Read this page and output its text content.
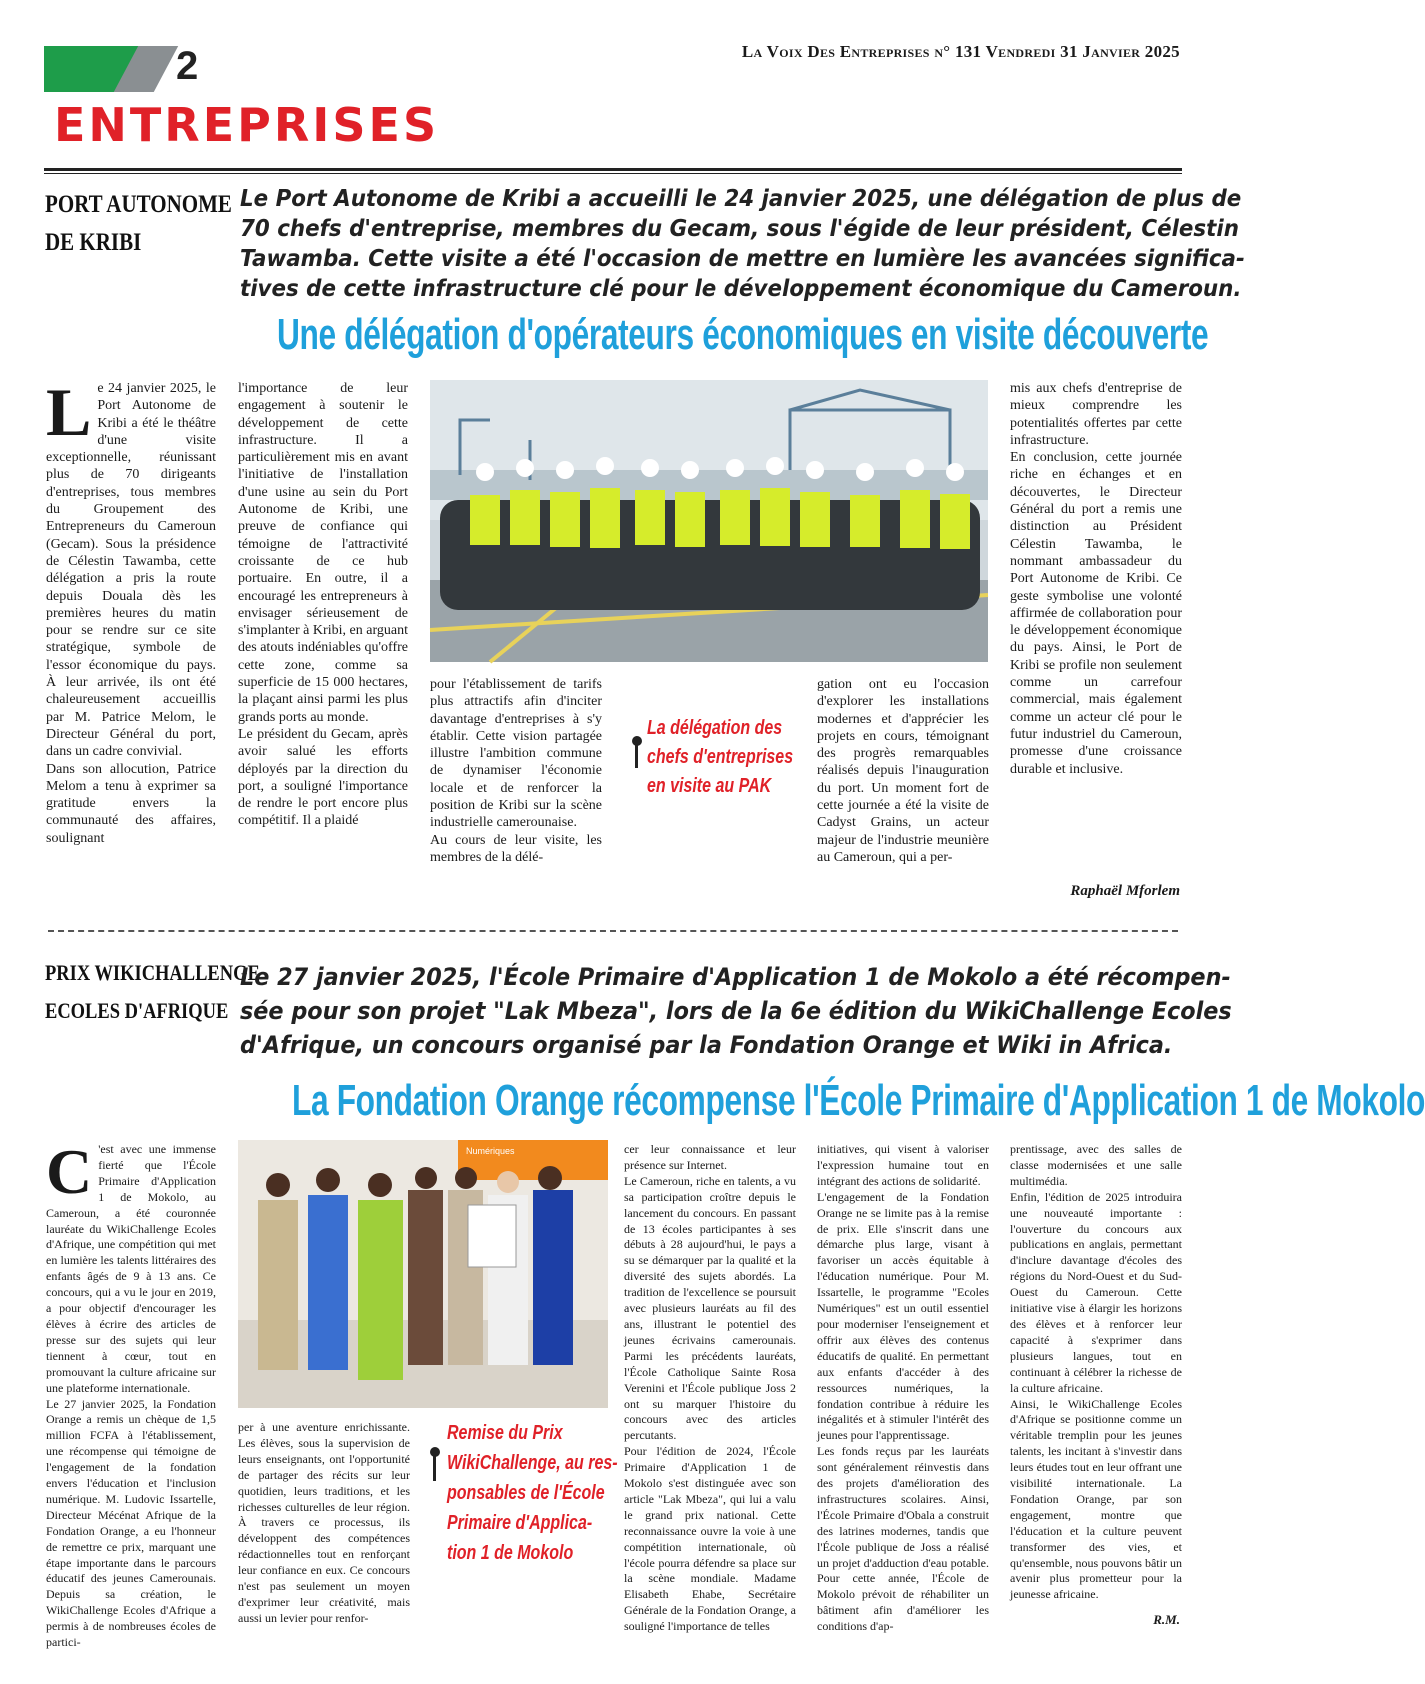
2	La Voix Des Entreprises n° 131 Vendredi 31 Janvier 2025
ENTREPRISES
PORT AUTONOME
DE KRIBI
Le Port Autonome de Kribi a accueilli le 24 janvier 2025, une délégation de plus de
70 chefs d'entreprise, membres du Gecam, sous l'égide de leur président, Célestin
Tawamba. Cette visite a été l'occasion de mettre en lumière les avancées significa-
tives de cette infrastructure clé pour le développement économique du Cameroun.
Une délégation d'opérateurs économiques en visite découverte
L e 24 janvier 2025, le Port Autonome de Kribi a été le théâtre d'une visite exceptionnelle, réunissant plus de 70 dirigeants d'entreprises, tous membres du Groupement des Entrepreneurs du Cameroun (Gecam). Sous la présidence de Célestin Tawamba, cette délégation a pris la route depuis Douala dès les premières heures du matin pour se rendre sur ce site stratégique, symbole de l'essor économique du pays. À leur arrivée, ils ont été chaleureusement accueillis par M. Patrice Melom, le Directeur Général du port, dans un cadre convivial.

Dans son allocution, Patrice Melom a tenu à exprimer sa gratitude envers la communauté des affaires, soulignant

l'importance de leur engagement à soutenir le développement de cette infrastructure. Il a particulièrement mis en avant l'initiative de l'installation d'une usine au sein du Port Autonome de Kribi, une preuve de confiance qui témoigne de l'attractivité croissante de ce hub portuaire. En outre, il a encouragé les entrepreneurs à envisager sérieusement de s'implanter à Kribi, en arguant des atouts indéniables qu'offre cette zone, comme sa superficie de 15 000 hectares, la plaçant ainsi parmi les plus grands ports au monde.

Le président du Gecam, après avoir salué les efforts déployés par la direction du port, a souligné l'importance de rendre le port encore plus compétitif. Il a plaidé

pour l'établissement de tarifs plus attractifs afin d'inciter davantage d'entreprises à s'y établir. Cette vision partagée illustre l'ambition commune de dynamiser l'économie locale et de renforcer la position de Kribi sur la scène industrielle camerounaise.

Au cours de leur visite, les membres de la délé-

La délégation des
chefs d'entreprises
en visite au PAK

gation ont eu l'occasion d'explorer les installations modernes et d'apprécier les projets en cours, témoignant des progrès remarquables réalisés depuis l'inauguration du port. Un moment fort de cette journée a été la visite de Cadyst Grains, un acteur majeur de l'industrie meunière au Cameroun, qui a per-

mis aux chefs d'entreprise de mieux comprendre les potentialités offertes par cette infrastructure.

En conclusion, cette journée riche en échanges et en découvertes, le Directeur Général du port a remis une distinction au Président Célestin Tawamba, le nommant ambassadeur du Port Autonome de Kribi. Ce geste symbolise une volonté affirmée de collaboration pour le développement économique du pays. Ainsi, le Port de Kribi se profile non seulement comme un carrefour commercial, mais également comme un acteur clé pour le futur industriel du Cameroun, promesse d'une croissance durable et inclusive.

Raphaël Mforlem
PRIX WIKICHALLENGE
ECOLES D'AFRIQUE
Le 27 janvier 2025, l'École Primaire d'Application 1 de Mokolo a été récompen-
sée pour son projet "Lak Mbeza", lors de la 6e édition du WikiChallenge Ecoles
d'Afrique, un concours organisé par la Fondation Orange et Wiki in Africa.
La Fondation Orange récompense l'École Primaire d'Application 1 de Mokolo
C 'est avec une immense fierté que l'École Primaire d'Application 1 de Mokolo, au Cameroun, a été couronnée lauréate du WikiChallenge Ecoles d'Afrique, une compétition qui met en lumière les talents littéraires des enfants âgés de 9 à 13 ans. Ce concours, qui a vu le jour en 2019, a pour objectif d'encourager les élèves à écrire des articles de presse sur des sujets qui leur tiennent à cœur, tout en promouvant la culture africaine sur une plateforme internationale.

Le 27 janvier 2025, la Fondation Orange a remis un chèque de 1,5 million FCFA à l'établissement, une récompense qui témoigne de l'engagement de la fondation envers l'éducation et l'inclusion numérique. M. Ludovic Issartelle, Directeur Mécénat Afrique de la Fondation Orange, a eu l'honneur de remettre ce prix, marquant une étape importante dans le parcours éducatif des jeunes Camerounais. Depuis sa création, le WikiChallenge Ecoles d'Afrique a permis à de nombreuses écoles de partici-

Numériques

per à une aventure enrichissante. Les élèves, sous la supervision de leurs enseignants, ont l'opportunité de partager des récits sur leur quotidien, leurs traditions, et les richesses culturelles de leur région. À travers ce processus, ils développent des compétences rédactionnelles tout en renforçant leur confiance en eux. Ce concours n'est pas seulement un moyen d'exprimer leur créativité, mais aussi un levier pour renfor-

Remise du Prix
WikiChallenge, au res-
ponsables de l'École
Primaire d'Applica-
tion 1 de Mokolo

cer leur connaissance et leur présence sur Internet.

Le Cameroun, riche en talents, a vu sa participation croître depuis le lancement du concours. En passant de 13 écoles participantes à ses débuts à 28 aujourd'hui, le pays a su se démarquer par la qualité et la diversité des sujets abordés. La tradition de l'excellence se poursuit avec plusieurs lauréats au fil des ans, illustrant le potentiel des jeunes écrivains camerounais. Parmi les précédents lauréats, l'École Catholique Sainte Rosa Verenini et l'École publique Joss 2 ont su marquer l'histoire du concours avec des articles percutants.

Pour l'édition de 2024, l'École Primaire d'Application 1 de Mokolo s'est distinguée avec son article "Lak Mbeza", qui lui a valu le grand prix national. Cette reconnaissance ouvre la voie à une compétition internationale, où l'école pourra défendre sa place sur la scène mondiale. Madame Elisabeth Ehabe, Secrétaire Générale de la Fondation Orange, a souligné l'importance de telles

initiatives, qui visent à valoriser l'expression humaine tout en intégrant des actions de solidarité.

L'engagement de la Fondation Orange ne se limite pas à la remise de prix. Elle s'inscrit dans une démarche plus large, visant à favoriser un accès équitable à l'éducation numérique. Pour M. Issartelle, le programme "Ecoles Numériques" est un outil essentiel pour moderniser l'enseignement et offrir aux élèves des contenus éducatifs de qualité. En permettant aux enfants d'accéder à des ressources numériques, la fondation contribue à réduire les inégalités et à stimuler l'intérêt des jeunes pour l'apprentissage.

Les fonds reçus par les lauréats sont généralement réinvestis dans des projets d'amélioration des infrastructures scolaires. Ainsi, l'École Primaire d'Obala a construit des latrines modernes, tandis que l'École publique de Joss a réalisé un projet d'adduction d'eau potable. Pour cette année, l'École de Mokolo prévoit de réhabiliter un bâtiment afin d'améliorer les conditions d'ap-

prentissage, avec des salles de classe modernisées et une salle multimédia.

Enfin, l'édition de 2025 introduira une nouveauté importante : l'ouverture du concours aux publications en anglais, permettant d'inclure davantage d'écoles des régions du Nord-Ouest et du Sud-Ouest du Cameroun. Cette initiative vise à élargir les horizons des élèves et à renforcer leur capacité à s'exprimer dans plusieurs langues, tout en continuant à célébrer la richesse de la culture africaine.

Ainsi, le WikiChallenge Ecoles d'Afrique se positionne comme un véritable tremplin pour les jeunes talents, les incitant à s'investir dans leurs études tout en leur offrant une visibilité internationale. La Fondation Orange, par son engagement, montre que l'éducation et la culture peuvent transformer des vies, et qu'ensemble, nous pouvons bâtir un avenir plus prometteur pour la jeunesse africaine.

R.M.
